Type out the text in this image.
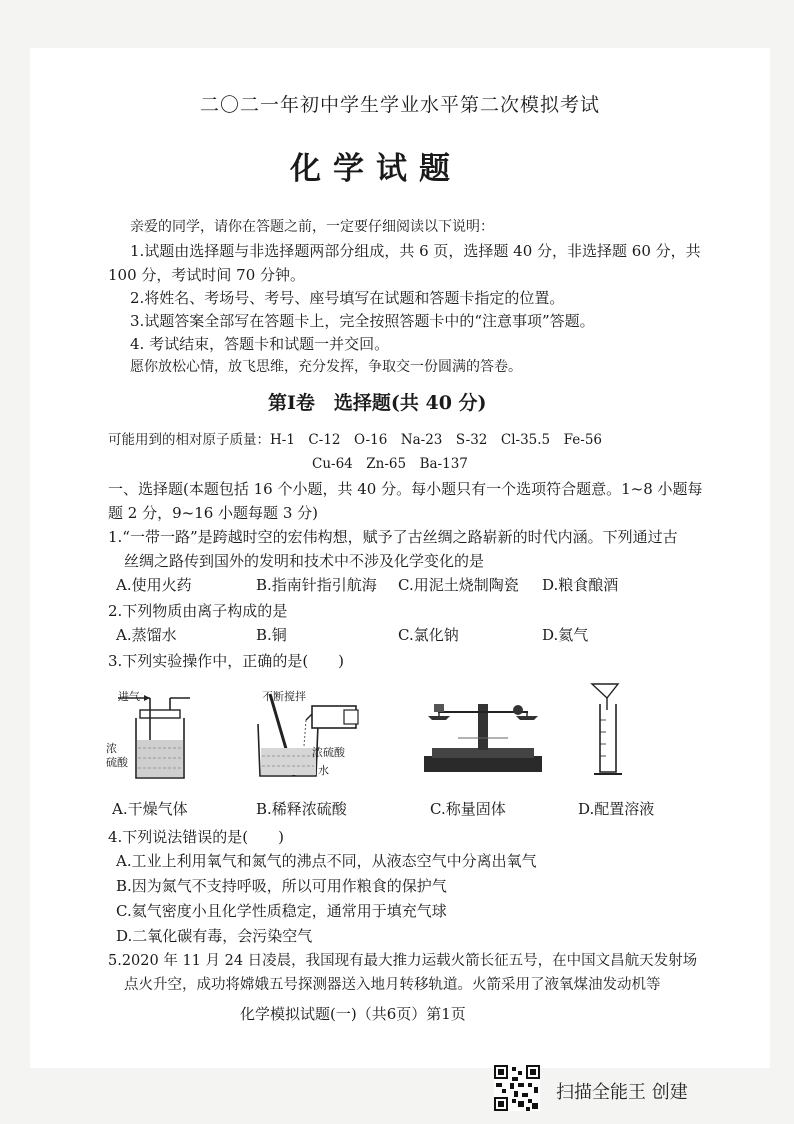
二〇二一年初中学生学业水平第二次模拟考试
化学试题
亲爱的同学，请你在答题之前，一定要仔细阅读以下说明：
1.试题由选择题与非选择题两部分组成，共 6 页，选择题 40 分，非选择题 60 分，共
100 分，考试时间 70 分钟。
2.将姓名、考场号、考号、座号填写在试题和答题卡指定的位置。
3.试题答案全部写在答题卡上，完全按照答题卡中的“注意事项”答题。
4. 考试结束，答题卡和试题一并交回。
愿你放松心情，放飞思维，充分发挥，争取交一份圆满的答卷。
第Ⅰ卷　选择题(共 40 分)
可能用到的相对原子质量：H-1　C-12　O-16　Na-23　S-32　Cl-35.5　Fe-56
Cu-64　Zn-65　Ba-137
一、选择题(本题包括 16 个小题，共 40 分。每小题只有一个选项符合题意。1~8 小题每
题 2 分，9~16 小题每题 3 分)
1.“一带一路”是跨越时空的宏伟构想，赋予了古丝绸之路崭新的时代内涵。下列通过古
丝绸之路传到国外的发明和技术中不涉及化学变化的是
A.使用火药	B.指南针指引航海 C.用泥土烧制陶瓷 D.粮食酿酒
2.下列物质由离子构成的是
A.蒸馏水	B.铜	C.氯化钠	D.氦气
3.下列实验操作中，正确的是(　　)
进气
浓
硫酸
不断搅拌
浓硫酸
水
A.干燥气体	B.稀释浓硫酸	C.称量固体	D.配置溶液
4.下列说法错误的是(　　)
A.工业上利用氧气和氮气的沸点不同，从液态空气中分离出氧气
B.因为氮气不支持呼吸，所以可用作粮食的保护气
C.氦气密度小且化学性质稳定，通常用于填充气球
D.二氧化碳有毒，会污染空气
5.2020 年 11 月 24 日凌晨，我国现有最大推力运载火箭长征五号，在中国文昌航天发射场
点火升空，成功将嫦娥五号探测器送入地月转移轨道。火箭采用了液氧煤油发动机等
化学模拟试题(一)（共6页）第1页
扫描全能王 创建
